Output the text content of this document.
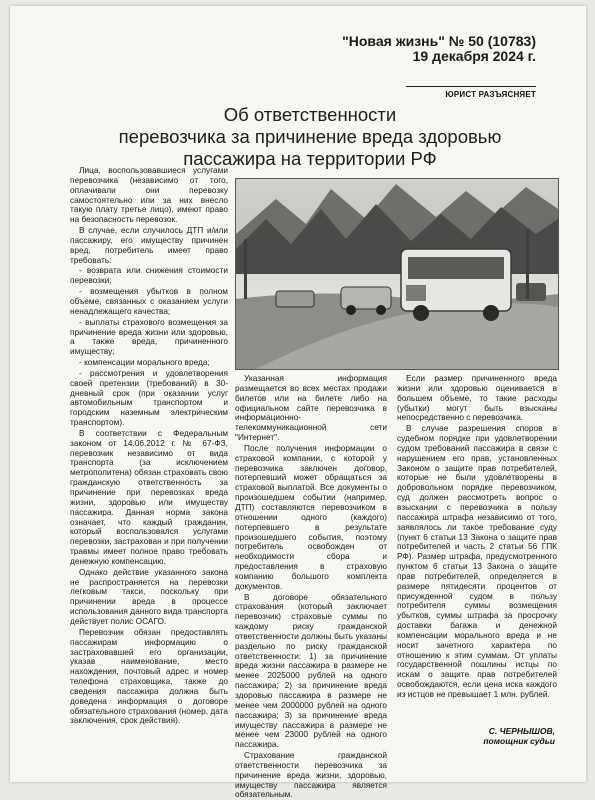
"Новая жизнь" № 50 (10783)
19 декабря 2024 г.
ЮРИСТ РАЗЪЯСНЯЕТ
Об ответственности
перевозчика за причинение вреда здоровью
пассажира на территории РФ

Лица, воспользовавшиеся услугами перевозчика (независимо от того, оплачивали они перевозку самостоятельно или за них внесло такую плату третье лицо), имеют право на безопасность перевозок.

В случае, если случилось ДТП и/или пассажиру, его имуществу причинен вред, потребитель имеет право требовать:

- возврата или снижения стоимости перевозки;

- возмещения убытков в полном объеме, связанных с оказанием услуги ненадлежащего качества;

- выплаты страхового возмещения за причинение вреда жизни или здоровью, а также вреда, причиненного имуществу;

- компенсации морального вреда;

- рассмотрения и удовлетворения своей претензии (требований) в 30-дневный срок (при оказании услуг автомобильным транспортом и городским наземным электрическим транспортом).

В соответствии с Федеральным законом от 14.06.2012 г. № 67-ФЗ, перевозчик независимо от вида транспорта (за исключением метрополитена) обязан страховать свою гражданскую ответственность за причинение при перевозках вреда жизни, здоровью или имуществу пассажира. Данная норма закона означает, что каждый гражданин, который воспользовался услугами перевозки, застрахован и при получении травмы имеет полное право требовать денежную компенсацию.

Однако действие указанного закона не распространяется на перевозки легковым такси, поскольку при причинении вреда в процессе использования данного вида транспорта действует полис ОСАГО.

Перевозчик обязан предоставлять пассажирам информацию о застраховавшей его организации, указав наименование, место нахождения, почтовый адрес и номер телефона страховщика, также до сведения пассажира должна быть доведена информация о договоре обязательного страхования (номер, дата заключения, срок действия).

Указанная информация размещается во всех местах продажи билетов или на билете либо на официальном сайте перевозчика в информационно-телекоммуникационной сети "Интернет".

После получения информации о страховой компании, с которой у перевозчика заключен договор, потерпевший может обращаться за страховой выплатой. Все документы о произошедшем событии (например, ДТП) составляются перевозчиком в отношении одного (каждого) потерпевшего в результате произошедшего события, поэтому потребитель освобожден от необходимости сбора и предоставления в страховую компанию большого комплекта документов.

В договоре обязательного страхования (который заключает перевозчик) страховые суммы по каждому риску гражданской ответственности должны быть указаны раздельно по риску гражданской ответственности: 1) за причинение вреда жизни пассажира в размере не менее 2025000 рублей на одного пассажира; 2) за причинение вреда здоровью пассажира в размере не менее чем 2000000 рублей на одного пассажира; 3) за причинение вреда имуществу пассажира в размере не менее чем 23000 рублей на одного пассажира.

Страхование гражданской ответственности перевозчика за причинение вреда жизни, здоровью, имуществу пассажира является обязательным.

Если размер причиненного вреда жизни или здоровью оценивается в большем объеме, то такие расходы (убытки) могут быть взысканы непосредственно с перевозчика.

В случае разрешения споров в судебном порядке при удовлетворении судом требований пассажира в связи с нарушением его прав, установленных Законом о защите прав потребителей, которые не были удовлетворены в добровольном порядке перевозчиком, суд должен рассмотреть вопрос о взыскании с перевозчика в пользу пассажира штрафа независимо от того, заявлялось ли такое требование суду (пункт 6 статьи 13 Закона о защите прав потребителей и часть 2 статьи 56 ГПК РФ). Размер штрафа, предусмотренного пунктом 6 статьи 13 Закона о защите прав потребителей, определяется в размере пятидесяти процентов от присужденной судом в пользу потребителя суммы возмещения убытков, суммы штрафа за просрочку доставки багажа и денежной компенсации морального вреда и не носит зачетного характера по отношению к этим суммам. От уплаты государственной пошлины истцы по искам о защите прав потребителей освобождаются, если цена иска каждого из истцов не превышает 1 млн. рублей.

С. ЧЕРНЫШОВ,
помощник судьи
